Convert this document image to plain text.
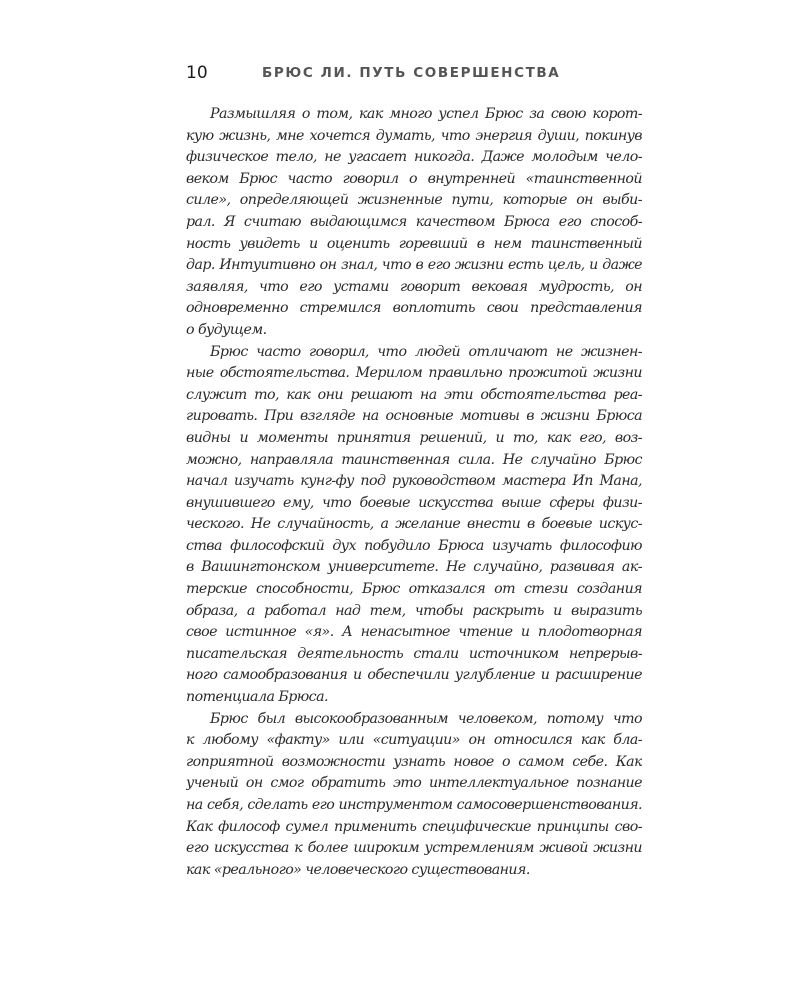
10	БРЮС ЛИ. ПУТЬ СОВЕРШЕНСТВА

Размышляя о том, как много успел Брюс за свою корот-
кую жизнь, мне хочется думать, что энергия души, покинув
физическое тело, не угасает никогда. Даже молодым чело-
веком Брюс часто говорил о внутренней «таинственной
силе», определяющей жизненные пути, которые он выби-
рал. Я считаю выдающимся качеством Брюса его способ-
ность увидеть и оценить горевший в нем таинственный
дар. Интуитивно он знал, что в его жизни есть цель, и даже
заявляя, что его устами говорит вековая мудрость, он
одновременно стремился воплотить свои представления
о будущем.

Брюс часто говорил, что людей отличают не жизнен-
ные обстоятельства. Мерилом правильно прожитой жизни
служит то, как они решают на эти обстоятельства реа-
гировать. При взгляде на основные мотивы в жизни Брюса
видны и моменты принятия решений, и то, как его, воз-
можно, направляла таинственная сила. Не случайно Брюс
начал изучать кунг-фу под руководством мастера Ип Мана,
внушившего ему, что боевые искусства выше сферы физи-
ческого. Не случайность, а желание внести в боевые искус-
ства философский дух побудило Брюса изучать философию
в Вашингтонском университете. Не случайно, развивая ак-
терские способности, Брюс отказался от стези создания
образа, а работал над тем, чтобы раскрыть и выразить
свое истинное «я». А ненасытное чтение и плодотворная
писательская деятельность стали источником непрерыв-
ного самообразования и обеспечили углубление и расширение
потенциала Брюса.

Брюс был высокообразованным человеком, потому что
к любому «факту» или «ситуации» он относился как бла-
гоприятной возможности узнать новое о самом себе. Как
ученый он смог обратить это интеллектуальное познание
на себя, сделать его инструментом самосовершенствования.
Как философ сумел применить специфические принципы сво-
его искусства к более широким устремлениям живой жизни
как «реального» человеческого существования.
